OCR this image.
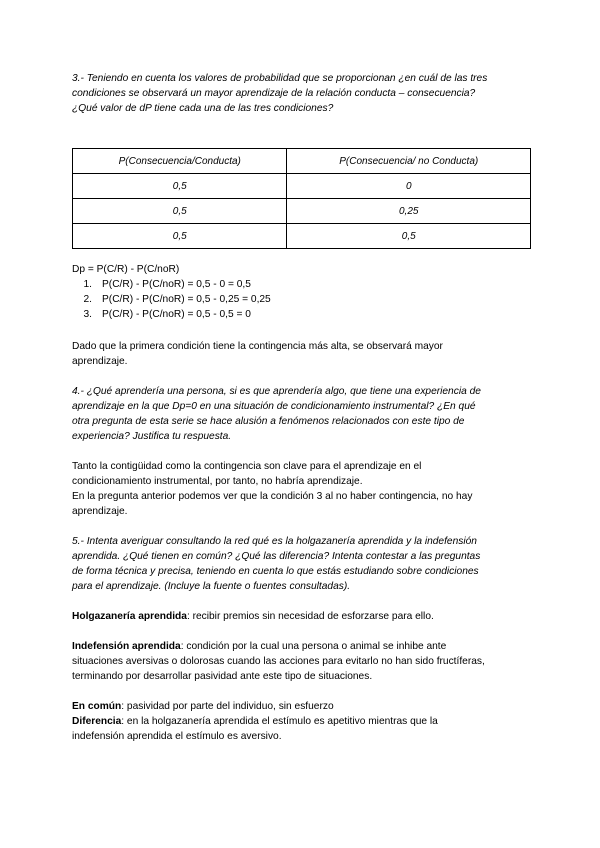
3.- Teniendo en cuenta los valores de probabilidad que se proporcionan ¿en cuál de las tres
condiciones se observará un mayor aprendizaje de la relación conducta – consecuencia?
¿Qué valor de dP tiene cada una de las tres condiciones?
P(Consecuencia/Conducta)	P(Consecuencia/ no Conducta)
0,5	0
0,5	0,25
0,5	0,5
Dp = P(C/R) - P(C/noR)
1. P(C/R) - P(C/noR) = 0,5 - 0 = 0,5
2. P(C/R) - P(C/noR) = 0,5 - 0,25 = 0,25
3. P(C/R) - P(C/noR) = 0,5 - 0,5 = 0
Dado que la primera condición tiene la contingencia más alta, se observará mayor
aprendizaje.
4.- ¿Qué aprendería una persona, si es que aprendería algo, que tiene una experiencia de
aprendizaje en la que Dp=0 en una situación de condicionamiento instrumental? ¿En qué
otra pregunta de esta serie se hace alusión a fenómenos relacionados con este tipo de
experiencia? Justifica tu respuesta.
Tanto la contigüidad como la contingencia son clave para el aprendizaje en el
condicionamiento instrumental, por tanto, no habría aprendizaje.
En la pregunta anterior podemos ver que la condición 3 al no haber contingencia, no hay
aprendizaje.
5.- Intenta averiguar consultando la red qué es la holgazanería aprendida y la indefensión
aprendida. ¿Qué tienen en común? ¿Qué las diferencia? Intenta contestar a las preguntas
de forma técnica y precisa, teniendo en cuenta lo que estás estudiando sobre condiciones
para el aprendizaje. (Incluye la fuente o fuentes consultadas).
Holgazanería aprendida: recibir premios sin necesidad de esforzarse para ello.
Indefensión aprendida: condición por la cual una persona o animal se inhibe ante
situaciones aversivas o dolorosas cuando las acciones para evitarlo no han sido fructíferas,
terminando por desarrollar pasividad ante este tipo de situaciones.
En común: pasividad por parte del individuo, sin esfuerzo
Diferencia: en la holgazanería aprendida el estímulo es apetitivo mientras que la
indefensión aprendida el estímulo es aversivo.
